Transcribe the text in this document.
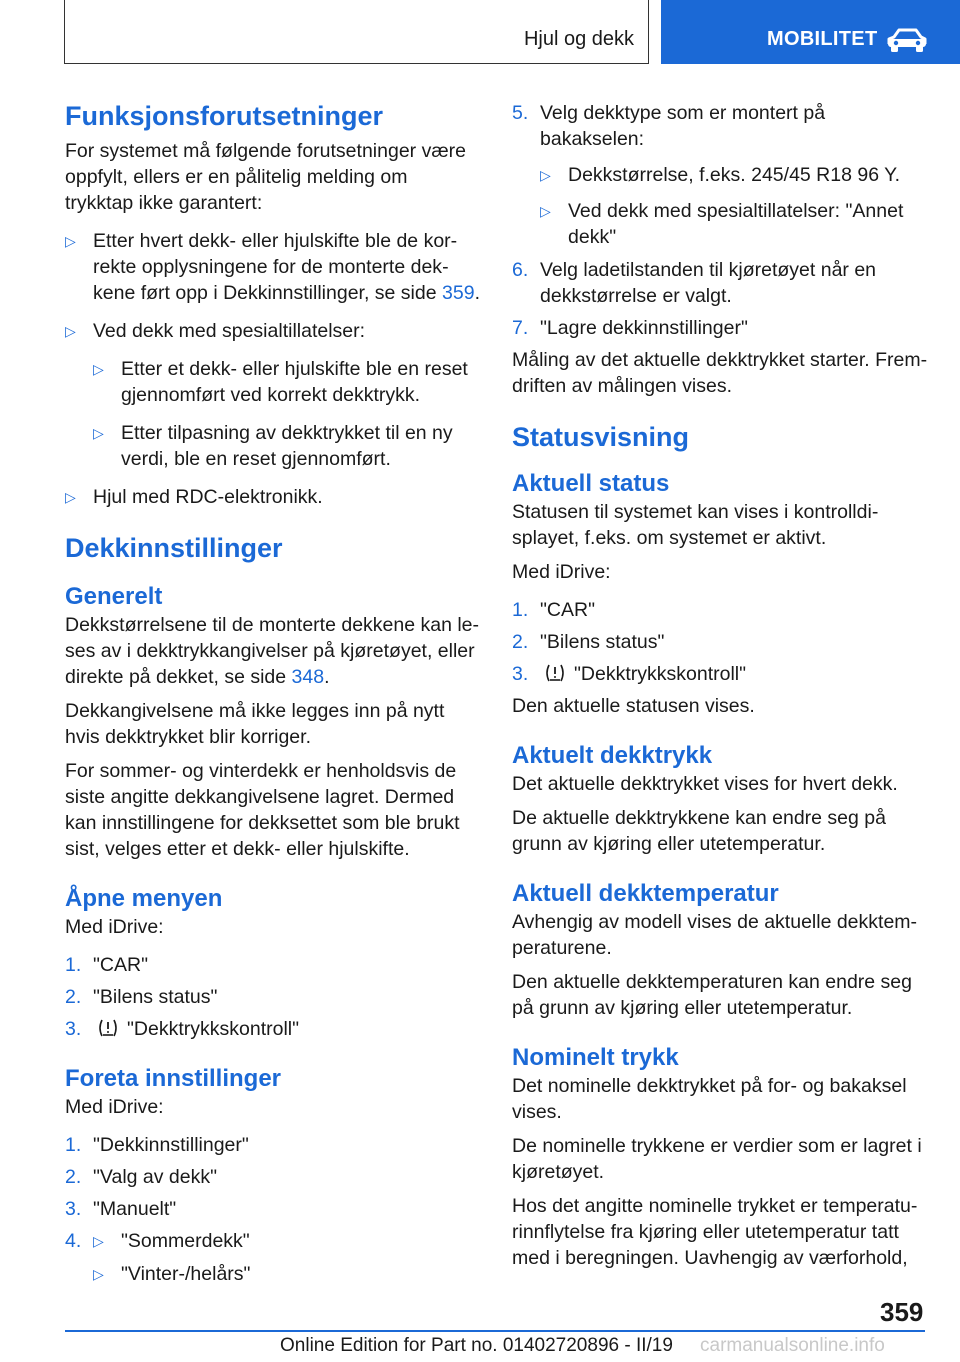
Hjul og dekk	MOBILITET
Funksjonsforutsetninger

For systemet må følgende forutsetninger være oppfylt, ellers er en pålitelig melding om trykktap ikke garantert:

▷ Etter hvert dekk- eller hjulskifte ble de korrekte opplysningene for de monterte dekkene ført opp i Dekkinnstillinger, se side 359.
▷ Ved dekk med spesialtillatelser:
▷ Etter et dekk- eller hjulskifte ble en reset gjennomført ved korrekt dekktrykk.
▷ Etter tilpasning av dekktrykket til en ny verdi, ble en reset gjennomført.
▷ Hjul med RDC-elektronikk.
Dekkinnstillinger
Generelt

Dekkstørrelsene til de monterte dekkene kan leses av i dekktrykkangivelser på kjøretøyet, eller direkte på dekket, se side 348.

Dekkangivelsene må ikke legges inn på nytt hvis dekktrykket blir korriger.

For sommer- og vinterdekk er henholdsvis de siste angitte dekkangivelsene lagret. Dermed kan innstillingene for dekksettet som ble brukt sist, velges etter et dekk- eller hjulskifte.

Åpne menyen

Med iDrive:

1. "CAR"
2. "Bilens status"
3. "Dekktrykkskontroll"
Foreta innstillinger

Med iDrive:

1. "Dekkinnstillinger"
2. "Valg av dekk"
3. "Manuelt"
4. ▷ "Sommerdekk"
▷ "Vinter-/helårs"
5. Velg dekktype som er montert på bakakselen:
▷ Dekkstørrelse, f.eks. 245/45 R18 96 Y.
▷ Ved dekk med spesialtillatelser: "Annet dekk"
6. Velg ladetilstanden til kjøretøyet når en dekkstørrelse er valgt.
7. "Lagre dekkinnstillinger"

Måling av det aktuelle dekktrykket starter. Fremdriften av målingen vises.

Statusvisning
Aktuell status

Statusen til systemet kan vises i kontrolldisplayet, f.eks. om systemet er aktivt.

Med iDrive:

1. "CAR"
2. "Bilens status"
3. "Dekktrykkskontroll"

Den aktuelle statusen vises.

Aktuelt dekktrykk

Det aktuelle dekktrykket vises for hvert dekk.

De aktuelle dekktrykkene kan endre seg på grunn av kjøring eller utetemperatur.

Aktuell dekktemperatur

Avhengig av modell vises de aktuelle dekktemperaturene.

Den aktuelle dekktemperaturen kan endre seg på grunn av kjøring eller utetemperatur.

Nominelt trykk

Det nominelle dekktrykket på for- og bakaksel vises.

De nominelle trykkene er verdier som er lagret i kjøretøyet.

Hos det angitte nominelle trykket er temperaturinnflytelse fra kjøring eller utetemperatur tatt med i beregningen. Uavhengig av værforhold,

359
Online Edition for Part no. 01402720896 - II/19 carmanualsonline.info
